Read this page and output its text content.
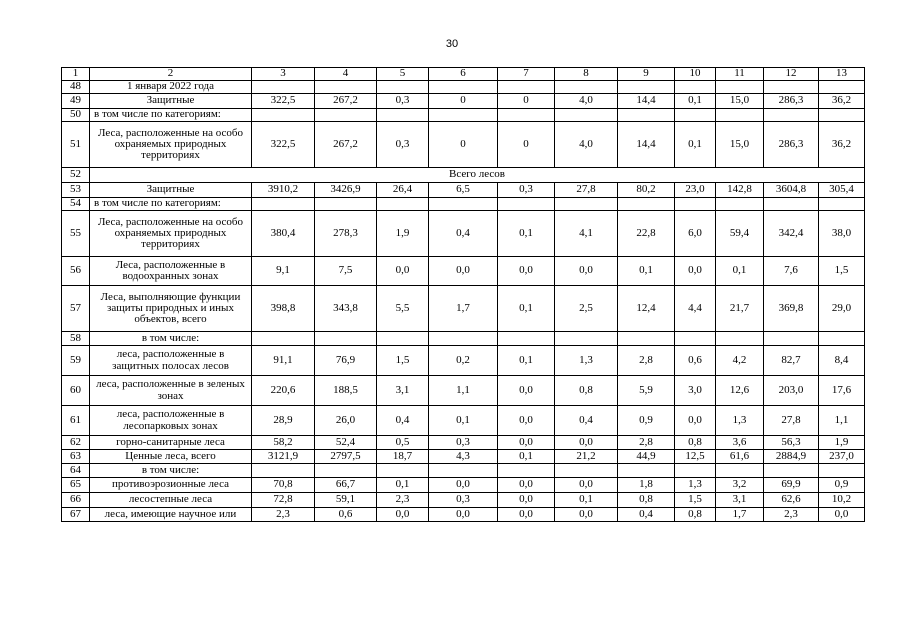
30
1	2	3	4	5	6	7	8	9	10	11	12	13
48	1 января 2022 года											
49	Защитные	322,5	267,2	0,3	0	0	4,0	14,4	0,1	15,0	286,3	36,2
50	в том числе по категориям:											
51	Леса, расположенные на особо охраняемых природных территориях	322,5	267,2	0,3	0	0	4,0	14,4	0,1	15,0	286,3	36,2
52	Всего лесов											
53	Защитные	3910,2	3426,9	26,4	6,5	0,3	27,8	80,2	23,0	142,8	3604,8	305,4
54	в том числе по категориям:											
55	Леса, расположенные на особо охраняемых природных территориях	380,4	278,3	1,9	0,4	0,1	4,1	22,8	6,0	59,4	342,4	38,0
56	Леса, расположенные в водоохранных зонах	9,1	7,5	0,0	0,0	0,0	0,0	0,1	0,0	0,1	7,6	1,5
57	Леса, выполняющие функции защиты природных и иных объектов, всего	398,8	343,8	5,5	1,7	0,1	2,5	12,4	4,4	21,7	369,8	29,0
58	в том числе:											
59	леса, расположенные в защитных полосах лесов	91,1	76,9	1,5	0,2	0,1	1,3	2,8	0,6	4,2	82,7	8,4
60	леса, расположенные в зеленых зонах	220,6	188,5	3,1	1,1	0,0	0,8	5,9	3,0	12,6	203,0	17,6
61	леса, расположенные в лесопарковых зонах	28,9	26,0	0,4	0,1	0,0	0,4	0,9	0,0	1,3	27,8	1,1
62	горно-санитарные леса	58,2	52,4	0,5	0,3	0,0	0,0	2,8	0,8	3,6	56,3	1,9
63	Ценные леса, всего	3121,9	2797,5	18,7	4,3	0,1	21,2	44,9	12,5	61,6	2884,9	237,0
64	в том числе:											
65	противоэрозионные леса	70,8	66,7	0,1	0,0	0,0	0,0	1,8	1,3	3,2	69,9	0,9
66	лесостепные леса	72,8	59,1	2,3	0,3	0,0	0,1	0,8	1,5	3,1	62,6	10,2
67	леса, имеющие научное или	2,3	0,6	0,0	0,0	0,0	0,0	0,4	0,8	1,7	2,3	0,0
